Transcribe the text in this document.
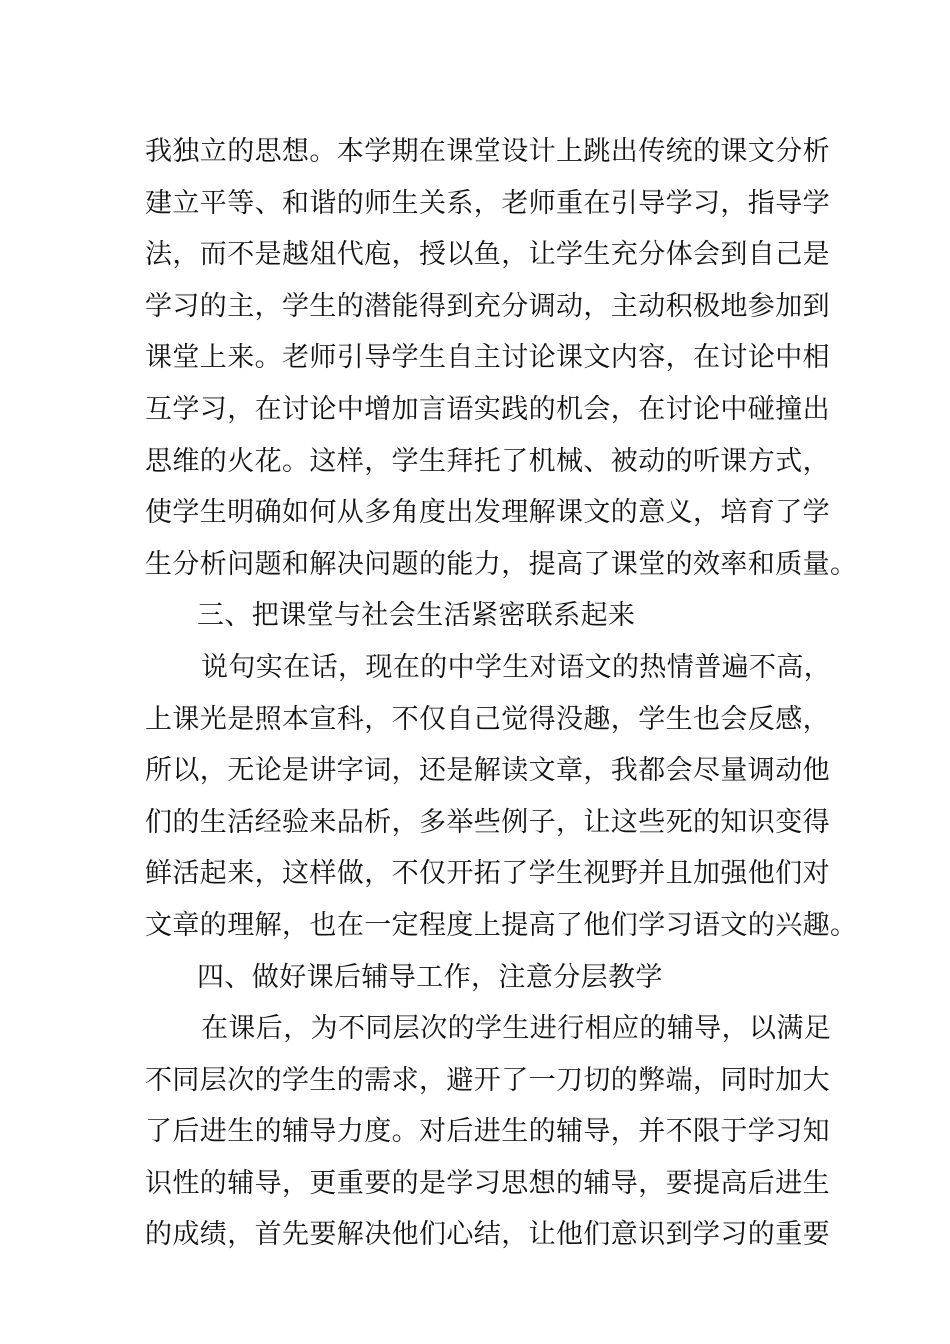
我独立的思想。本学期在课堂设计上跳出传统的课文分析
建立平等、和谐的师生关系，老师重在引导学习，指导学
法，而不是越俎代庖，授以鱼，让学生充分体会到自己是
学习的主，学生的潜能得到充分调动，主动积极地参加到
课堂上来。老师引导学生自主讨论课文内容，在讨论中相
互学习，在讨论中增加言语实践的机会，在讨论中碰撞出
思维的火花。这样，学生拜托了机械、被动的听课方式，
使学生明确如何从多角度出发理解课文的意义，培育了学
生分析问题和解决问题的能力，提高了课堂的效率和质量。
三、把课堂与社会生活紧密联系起来
说句实在话，现在的中学生对语文的热情普遍不高，
上课光是照本宣科，不仅自己觉得没趣，学生也会反感，
所以，无论是讲字词，还是解读文章，我都会尽量调动他
们的生活经验来品析，多举些例子，让这些死的知识变得
鲜活起来，这样做，不仅开拓了学生视野并且加强他们对
文章的理解，也在一定程度上提高了他们学习语文的兴趣。
四、做好课后辅导工作，注意分层教学
在课后，为不同层次的学生进行相应的辅导，以满足
不同层次的学生的需求，避开了一刀切的弊端，同时加大
了后进生的辅导力度。对后进生的辅导，并不限于学习知
识性的辅导，更重要的是学习思想的辅导，要提高后进生
的成绩，首先要解决他们心结，让他们意识到学习的重要
